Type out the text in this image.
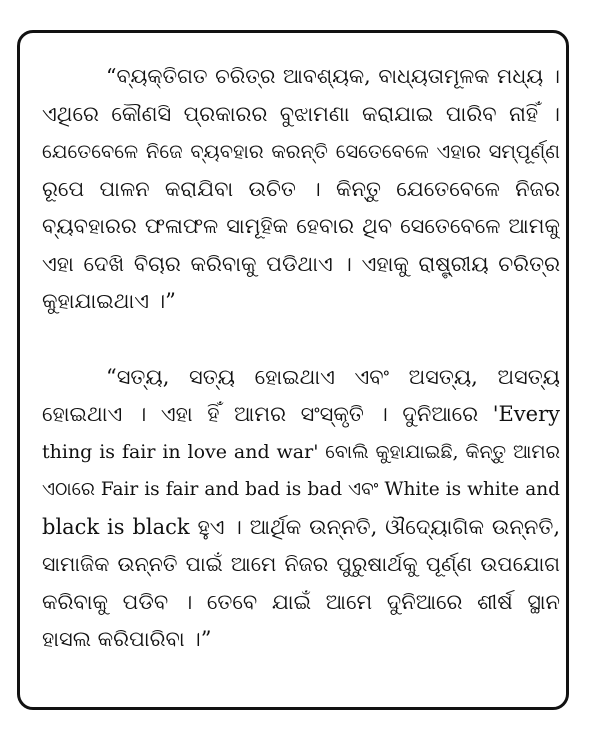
“ବ୍ୟକ୍ତିଗତ ଚରିତ୍ର ଆବଶ୍ୟକ, ବାଧ୍ୟତାମୂଳକ ମଧ୍ୟ ।
ଏଥିରେ କୌଣସି ପ୍ରକାରର ବୁଝାମଣା କରାଯାଇ ପାରିବ ନାହିଁ ।
ଯେତେବେଳେ ନିଜେ ବ୍ୟବହାର କରନ୍ତି ସେତେବେଳେ ଏହାର ସମ୍ପୂର୍ଣ୍ଣ
ରୂପେ ପାଳନ କରାଯିବା ଉଚିତ । କିନ୍ତୁ ଯେତେବେଳେ ନିଜର
ବ୍ୟବହାରର ଫଳାଫଳ ସାମୂହିକ ହେବାର ଥିବ ସେତେବେଳେ ଆମକୁ
ଏହା ଦେଖି ବିଚାର କରିବାକୁ ପଡିଥାଏ । ଏହାକୁ ରାଷ୍ଟ୍ରୀୟ ଚରିତ୍ର
କୁହାଯାଇଥାଏ ।”
“ସତ୍ୟ, ସତ୍ୟ ହୋଇଥାଏ ଏବଂ ଅସତ୍ୟ, ଅସତ୍ୟ
ହୋଇଥାଏ । ଏହା ହିଁ ଆମର ସଂସ୍କୃତି । ଦୁନିଆରେ 'Every
thing is fair in love and war' ବୋଲି କୁହାଯାଇଛି, କିନ୍ତୁ ଆମର
ଏଠାରେ Fair is fair and bad is bad ଏବଂ White is white and
black is black ହୁଏ । ଆର୍ଥିକ ଉନ୍ନତି, ଔଦ୍ୟୋଗିକ ଉନ୍ନତି,
ସାମାଜିକ ଉନ୍ନତି ପାଇଁ ଆମେ ନିଜର ପୁରୁଷାର୍ଥକୁ ପୂର୍ଣ୍ଣ ଉପଯୋଗ
କରିବାକୁ ପଡିବ । ତେବେ ଯାଇଁ ଆମେ ଦୁନିଆରେ ଶୀର୍ଷ ସ୍ଥାନ
ହାସଲ କରିପାରିବା ।”
